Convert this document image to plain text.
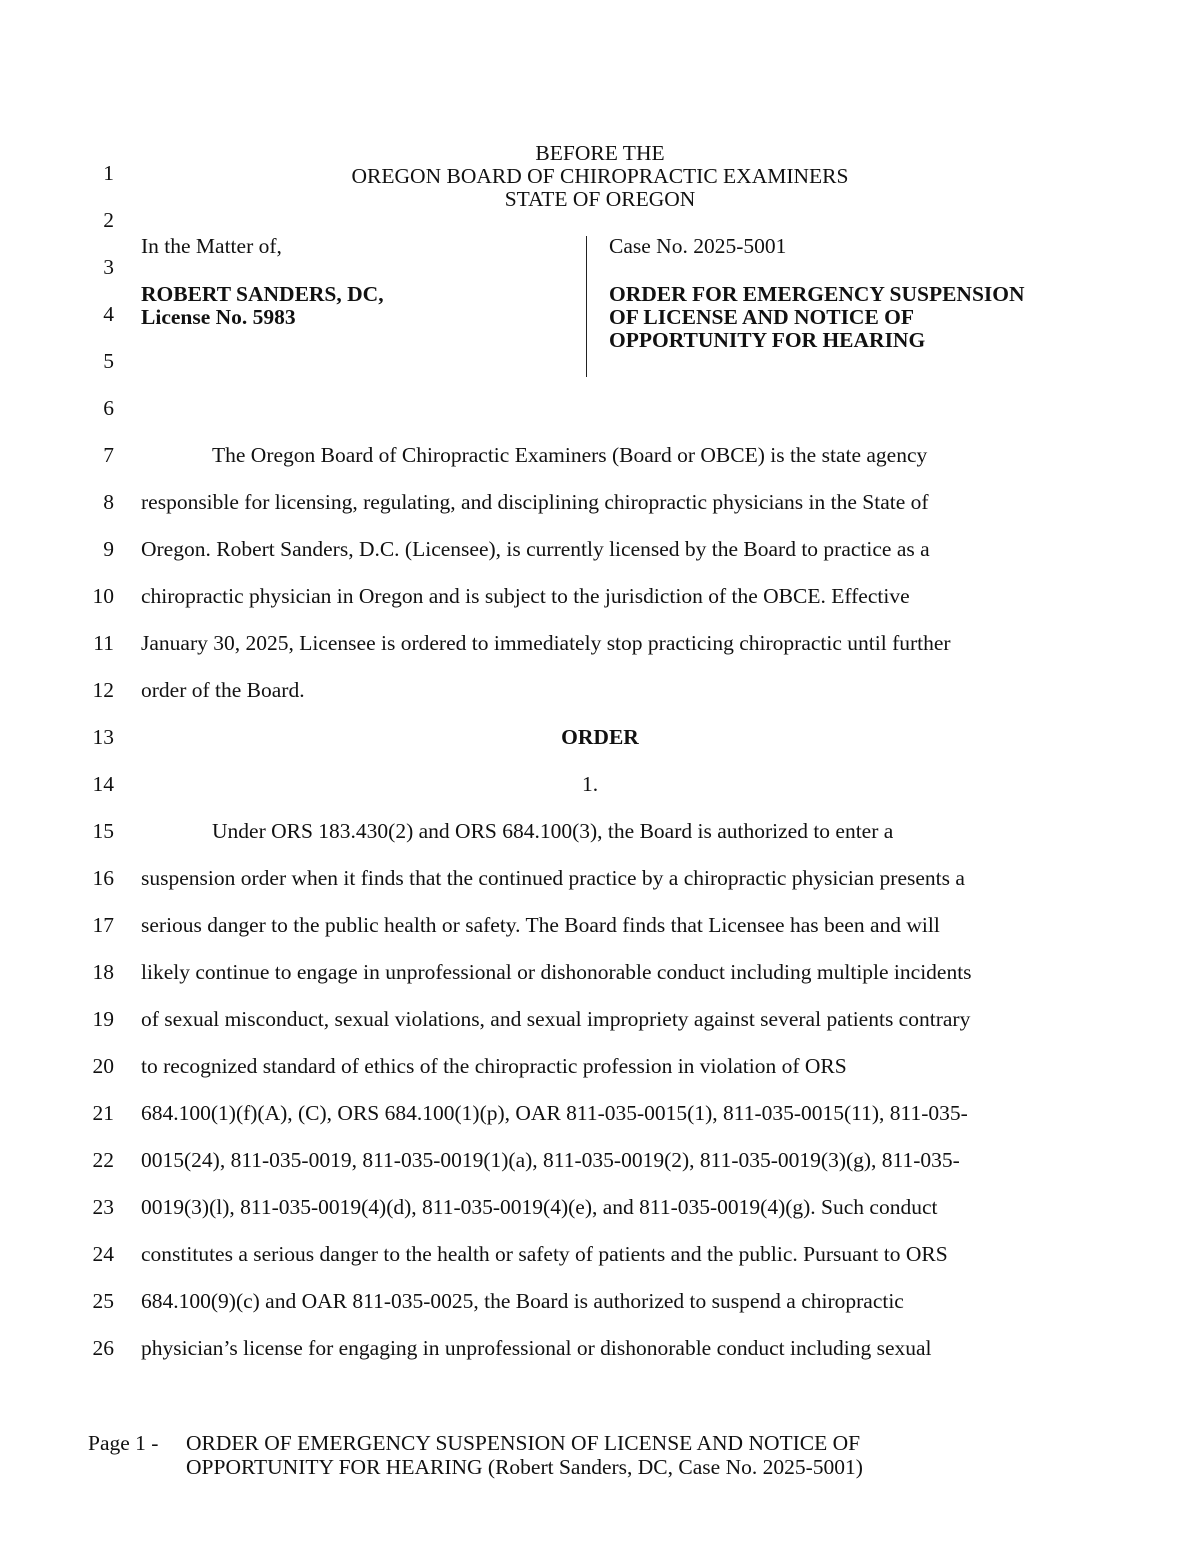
BEFORE THE
OREGON BOARD OF CHIROPRACTIC EXAMINERS
STATE OF OREGON
1
2
3
4
5
6
7
8
9
10
11
12
13
14
15
16
17
18
19
20
21
22
23
24
25
26
In the Matter of,
ROBERT SANDERS, DC,
License No. 5983
Case No. 2025-5001
ORDER FOR EMERGENCY SUSPENSION
OF LICENSE AND NOTICE OF
OPPORTUNITY FOR HEARING
The Oregon Board of Chiropractic Examiners (Board or OBCE) is the state agency
responsible for licensing, regulating, and disciplining chiropractic physicians in the State of
Oregon. Robert Sanders, D.C. (Licensee), is currently licensed by the Board to practice as a
chiropractic physician in Oregon and is subject to the jurisdiction of the OBCE. Effective
January 30, 2025, Licensee is ordered to immediately stop practicing chiropractic until further
order of the Board.
ORDER
1.
Under ORS 183.430(2) and ORS 684.100(3), the Board is authorized to enter a
suspension order when it finds that the continued practice by a chiropractic physician presents a
serious danger to the public health or safety. The Board finds that Licensee has been and will
likely continue to engage in unprofessional or dishonorable conduct including multiple incidents
of sexual misconduct, sexual violations, and sexual impropriety against several patients contrary
to recognized standard of ethics of the chiropractic profession in violation of ORS
684.100(1)(f)(A), (C), ORS 684.100(1)(p), OAR 811-035-0015(1), 811-035-0015(11), 811-035-
0015(24), 811-035-0019, 811-035-0019(1)(a), 811-035-0019(2), 811-035-0019(3)(g), 811-035-
0019(3)(l), 811-035-0019(4)(d), 811-035-0019(4)(e), and 811-035-0019(4)(g). Such conduct
constitutes a serious danger to the health or safety of patients and the public. Pursuant to ORS
684.100(9)(c) and OAR 811-035-0025, the Board is authorized to suspend a chiropractic
physician’s license for engaging in unprofessional or dishonorable conduct including sexual
Page 1 - ORDER OF EMERGENCY SUSPENSION OF LICENSE AND NOTICE OF
OPPORTUNITY FOR HEARING (Robert Sanders, DC, Case No. 2025-5001)
